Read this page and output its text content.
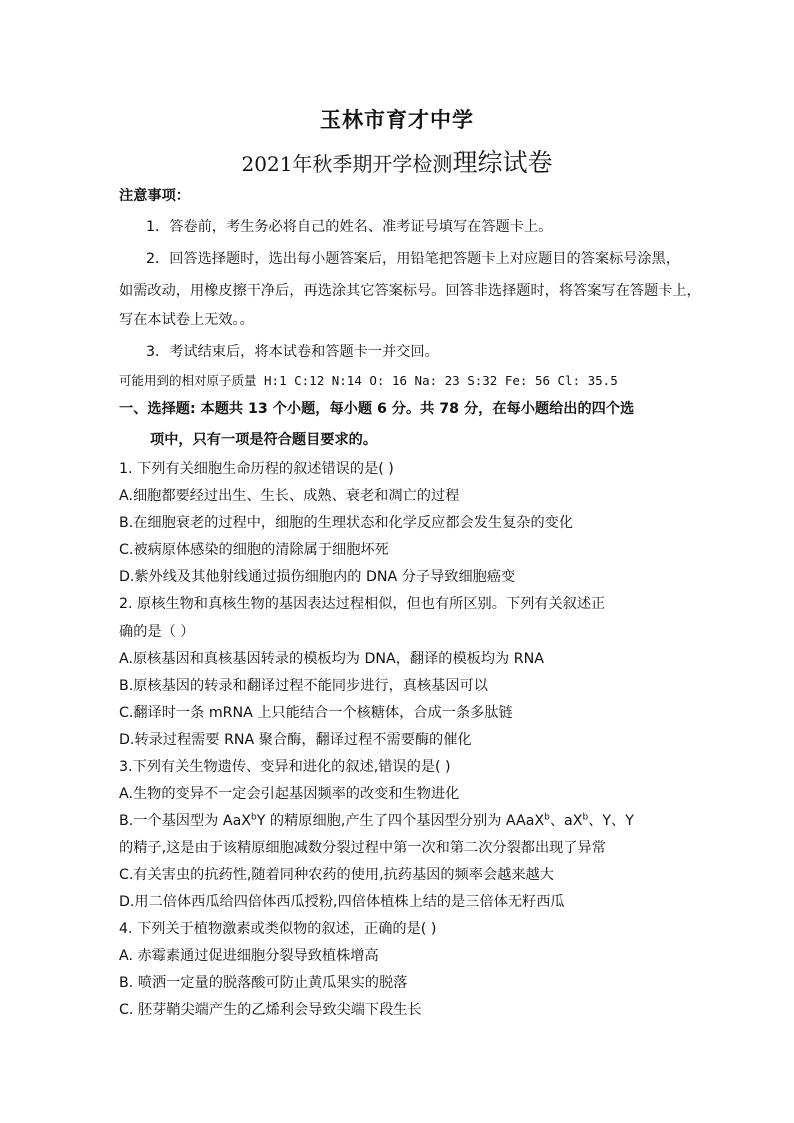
玉林市育才中学
2021年秋季期开学检测理综试卷
注意事项：
1．答卷前，考生务必将自己的姓名、准考证号填写在答题卡上。
2．回答选择题时，选出每小题答案后，用铅笔把答题卡上对应题目的答案标号涂黑，
如需改动，用橡皮擦干净后，再选涂其它答案标号。回答非选择题时，将答案写在答题卡上，
写在本试卷上无效。。
3．考试结束后，将本试卷和答题卡一并交回。
可能用到的相对原子质量 H:1 C:12 N:14 O: 16 Na: 23 S:32 Fe: 56 Cl: 35.5
一、选择题: 本题共 13 个小题，每小题 6 分。共 78 分，在每小题给出的四个选
项中，只有一项是符合题目要求的。
1. 下列有关细胞生命历程的叙述错误的是( )
A.细胞都要经过出生、生长、成熟、衰老和凋亡的过程
B.在细胞衰老的过程中，细胞的生理状态和化学反应都会发生复杂的变化
C.被病原体感染的细胞的清除属于细胞坏死
D.紫外线及其他射线通过损伤细胞内的 DNA 分子导致细胞癌变
2. 原核生物和真核生物的基因表达过程相似，但也有所区别。下列有关叙述正
确的是（ ）
A.原核基因和真核基因转录的模板均为 DNA，翻译的模板均为 RNA
B.原核基因的转录和翻译过程不能同步进行，真核基因可以
C.翻译时一条 mRNA 上只能结合一个核糖体，合成一条多肽链
D.转录过程需要 RNA 聚合酶，翻译过程不需要酶的催化
3.下列有关生物遗传、变异和进化的叙述,错误的是( )
A.生物的变异不一定会引起基因频率的改变和生物进化
B.一个基因型为 AaX$^b$Y 的精原细胞,产生了四个基因型分别为 AAaX$^b$、$aX^b$、Y、Y
的精子,这是由于该精原细胞减数分裂过程中第一次和第二次分裂都出现了异常
C.有关害虫的抗药性,随着同种农药的使用,抗药基因的频率会越来越大
D.用二倍体西瓜给四倍体西瓜授粉,四倍体植株上结的是三倍体无籽西瓜
4. 下列关于植物激素或类似物的叙述，正确的是( )
A. 赤霉素通过促进细胞分裂导致植株增高
B. 喷洒一定量的脱落酸可防止黄瓜果实的脱落
C. 胚芽鞘尖端产生的乙烯利会导致尖端下段生长
